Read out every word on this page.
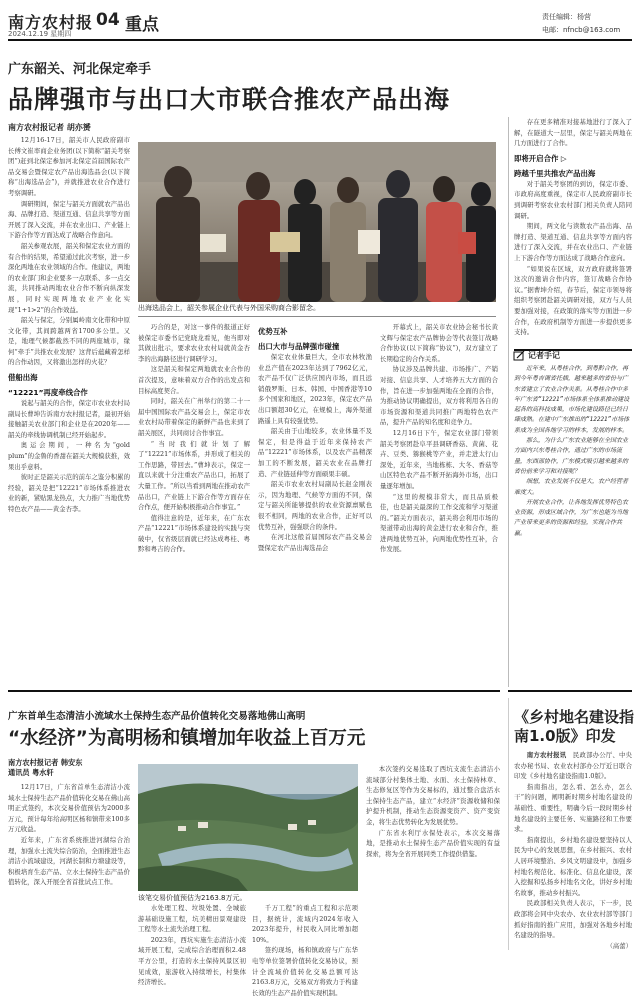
南方农村报
2024.12.19 星期四
04 重点	责任编辑：杨营
电邮：nfncb@163.com
广东韶关、河北保定牵手
品牌强市与出口大市联合推农产品出海
南方农村报记者 胡亦赟

12月16-17日，韶关市人民政府副市长傅文崔率商企业务团(以下简称“韶关考察团”)赶到北保定参加河北保定首届国际农产品交易会暨保定农产品出海选品会(以下简称“出海选品会”)，并就推进农业合作进行考察调研。

调研期间，保定与韶关方面就农产品出海、品牌打造、渠道互通、信息共享等方面开展了深入交流，并在农业出口、产业链上下游合作等方面达成了战略合作意向。

韶关参观农展，韶关和保定农业方面的有合作的结果，希望通过此次考察，进一步深化两地在农业领域的合作。他建议，两地的农业部门和企业要多一点联系、多一点交流，共同推动两地农业合作不断向纵深发展，同时实现两地农业产业化实现“1+1>2”的合作效益。

韶关与保定，分别属岭南文化带和中原文化带，其间跨越两省1700多公里。又是，地理气候都截然不同的两座城市，缘何“牵手”共推农业发展？这背后蕴藏着怎样的合作动因，又将激出怎样的火花？

借船出海
“12221”再度牵线合作

说起与韶关的合作，保定市农业农村局副局长曹坤告诉南方农村报记者，最初开始接触韶关农业部门和企业是在2020年——韶关的牵线协调机制已经开始起步。

奥运会期间，一种名为“gold plum”的金鲁的香甜在韶关大规模获推，效果出乎意料。

彼时正是韶关示范的前车之鉴分积累的经验，韶关是把“12221”市场体系推进农业的新，紧贴黑龙热点，大力推广当地优势特色农产品——黄金杏李。

出海选品会上，韶关参展企业代表与外国采购商合影留念。

巧合的是，对这一事件的报道正好被保定市委书记党晓龙看见，他当即对其做出批示，要求农业农村局就黄金杏李的出海路径进行调研学习。

这是韶关和保定两地就农业合作的首次提及，意味着双方合作的出发点和目标高度契合。

同时，韶关在广州举行的第二十一届中国国际农产品交易会上，保定市农业农村局带着保定的新鲜产品也来到了韶关展区，共同商讨合作事宜。

“当时我们就计划了解了“12221”市场体系，并形成了相关的工作思路，带回去。”曹坤表示，保定一直以来就十分注重农产品出口，拓展了大量工作。“所以当看到两地在推动农产品出口，产业链上下游合作等方面存在合作点，便开始积极推动合作事宜。”

值得注意的是，近年来，在广东农产品“12221”市场体系建设的实践与突破中，仅省级层面就已经达成粤桂、粤黔和粤吉的合作。

优势互补
出口大市与品牌强市碰撞

保定农业体量巨大，全市农林牧渔业总产值在2023年达到了7962亿元，农产品不仅广泛供应国内市场，而且远销俄罗斯、日本、韩国、中国香港等10多个国家和地区，2023年，保定农产品出口额超30亿元，在规模上，海外渠道路遥上具有较强优势。

韶关由于山地较多，农业体量不及保定，但是得益于近年来保持农产品“12221”市场体系，以及农产品精深加工的不断发展，韶关农业在品牌打造、产业链延伸等方面硕果丰硕。

韶关市农业农村局副局长赵金刚表示，因为地理、气候等方面的不同，保定与韶关所能够提供的农业资源禀赋也很不相同，两地的农业合作，正好可以优势互补，强强联合的条件。

在河北这般首届国际农产品交易会暨保定农产品出海选品会

开幕式上，韶关市农业协会秘书长黄文辉与保定农产品牌协会等代表签订战略合作协议(以下简称“协议”)，双方建立了长期稳定的合作关系。

协议涉及品牌共建、市场推广、产销对接、信息共享、人才培养五大方面的合作，旨在进一步加强两地在全面的合作，为推动协议明确提出，双方将利用各自的市场资源和渠道共同推广两地特色农产品，提升产品的知名度和竞争力。

12月16日下午，保定农业部门带领韶关考察团赴阜平县调研香菇、黄菌、花卉、豆类、猕猴桃等产业，并走进太行山深处，近年来，当地栋栋、大冬、香菇等山区特色农产品不断开拓海外市场，出口量逐年增加。

“这里的规模非常大，而且品质极佳，也是韶关最深的工作交流和学习渠道的。”韶关方面表示，韶关将会利用市场的渠道带动出海的黄金进行农业和合作，推进两地优势互补，向两地优势性互补，合作发展。

存在更多精准对接基地进行了深入了解，在隧道大一层里，保定与韶关两地在几方面进行了合作。

即将开启合作 ▷
跨越千里共推农产品出海

对于韶关考察团的到访，保定市委、市政府高度重视，保定市人民政府副市长到调研考察农业农村部门相关负责人陪同调研。

期间，两文化与读数农产品出海、品牌打造、渠道互通、信息共享等方面内容进行了深入交流，并在农业出口、产业链上下游合作等方面达成了战略合作意向。

“如果说在区域，双方政府就将签署这次的邀请合作内容，签订战略合作协议。”据曹坤介绍，春节后，保定市领导将组织考察团赴韶关调研对接，双方与人员要加强对接，在政策的落实等方面进一步合作，在政府机制等方面进一步提供更多支持。

记者手记

近年来，从粤桂合作，到粤黔合作，再到今年粤吉调省托插，越来越多的省份与广东省建立了农业合作关系。从粤桂合作中多年广东省“12221”市场体系全体系推动建设起各的高科技成果，市场化建设路径已经日臻成熟。在建中广东推出的“12221”市场体系成为全国各地学习的样本，发展的样本。

那么，为什么广东农业能够在全国农业方面内兴东粤桂合作，通过广东的市场流量，东西部协作，广东模式吸引越来越多的省份前来学习和对接呢？

细想，农业发展不仅是大，农户经营者难度大。

开展农业合作，让各地发挥优势特色农业资源，形成区域合作，为广东也能为当地产业带来更多的资源和经验，实现合作共赢。

广东首单生态清洁小流域水土保持生态产品价值转化交易落地佛山高明
“水经济”为高明杨和镇增加年收益上百万元
南方农村报记者 韩安东
通讯员 粤水轩

12月17日，广东省首单生态清洁小流域水土保持生态产品价值转化交易在佛山高明正式签约，本次交易价值预估为2000多万元，预计每年给高明区杨和镇带来100多万元收益。

近年来，广东省系统推进河湖综合治理，加强水土流失综合防治，全面推进生态清洁小流域建设，河湖长制和方塘建设等，积极培育生态产品、立水土保持生态产品价值转化，深入开展全省首批试点工作。

该笔交易价值预估为2163.8万元。

水处理工程、垃圾处置、全城旅游基础设施工程，坑美精田景观建设工程等水土流失治理工程。

2023年，西坑实施生态清洁小流域开展工程，完成综合治理面积2.48平方公里，打造的水土保持风景区初见成效，旅游收入持续增长，村集体经济增长。

千万工程”的重点工程和示范项目，据统计，流域内2024年收入2023年提升，村民收入同比增加超10%。

签约现场，杨和镇政府与广东华电等单位签署价值转化交易协议，预计全流域价值转化交易总额可达2163.8万元，交易双方将致力于构建长效的生态产品价值实现机制。

本次签约交易选取了西坑支流生态清洁小流域部分村集体土地、水面、水土保持林草、生态修复区等作为交易标的，通过整合盘活水土保持生态产品，建立“水经济”资源收储和保护提升机制，推动生态资源变资产、资产变资金，将生态优势转化为发展优势。

广东省水利厅水保处表示，本次交易落地，是推动水土保持生态产品价值实现的有益探索，将为全省开展同类工作提供借鉴。

《乡村地名建设指南1.0版》印发

南方农村报讯　 民政部办公厅、中央农办秘书局、农业农村部办公厅近日联合印发《乡村地名建设指南1.0版》。

指南指出，怎么看、怎么办，怎么干”的问题，阐明新时期乡村地名建设的基础性、重要性，明确今后一段时期乡村地名建设的主要任务、实施路径和工作要求。

指南提出，乡村地名建设要坚持以人民为中心的发展思想，在乡村振兴、农村人居环境整治、乡风文明建设中，加强乡村地名规范化、标准化、信息化建设，深入挖掘和弘扬乡村地名文化，讲好乡村地名故事，推动乡村振兴。

民政部相关负责人表示，下一步，民政部将会同中央农办、农业农村部等部门抓好指南的推广应用，加强对各地乡村地名建设的指导。

（高蕾）
